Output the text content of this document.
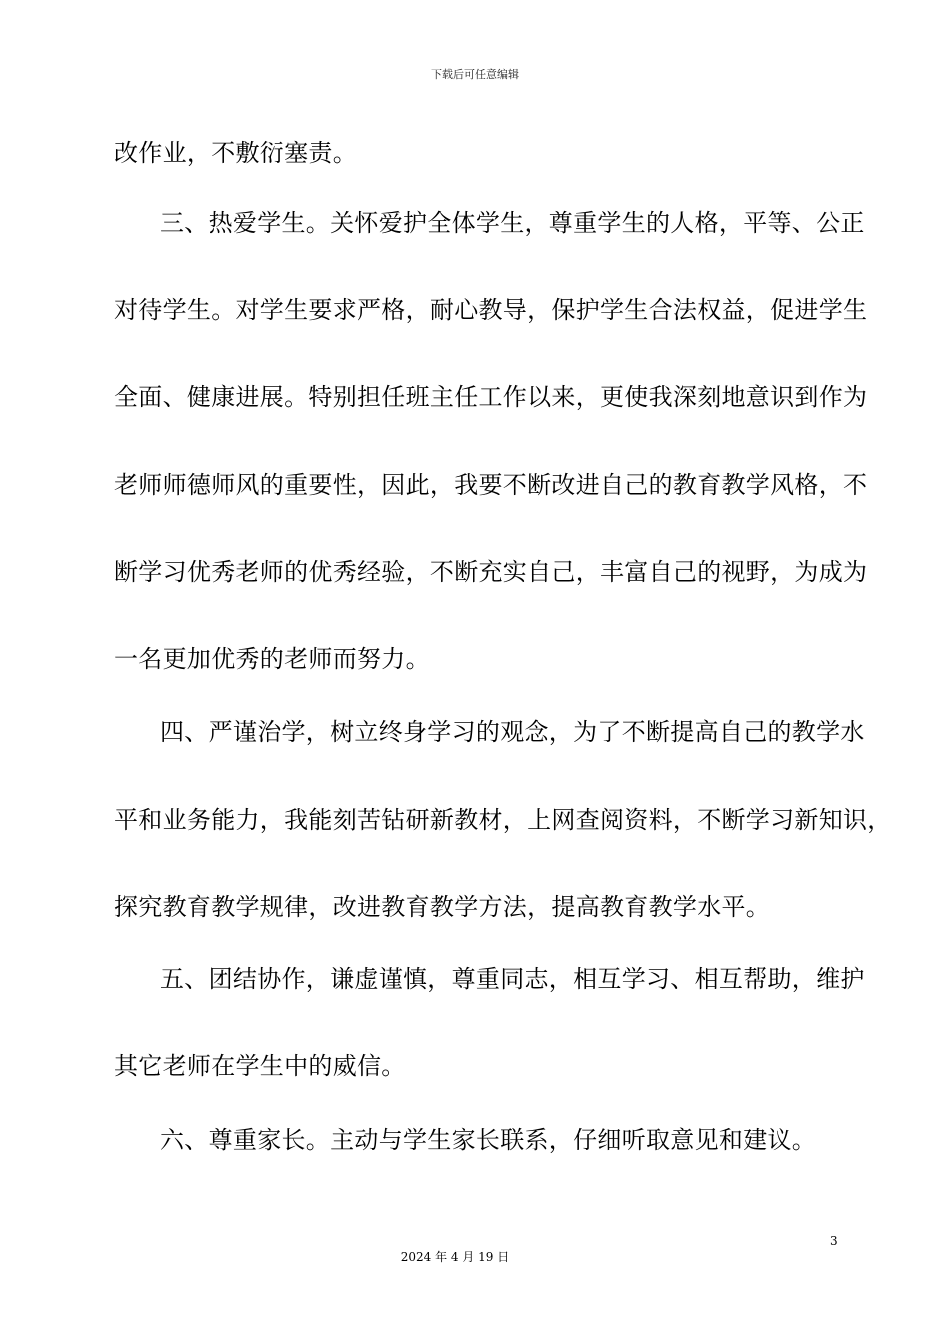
下载后可任意编辑
改作业，不敷衍塞责。
三、热爱学生。关怀爱护全体学生，尊重学生的人格，平等、公正
对待学生。对学生要求严格，耐心教导，保护学生合法权益，促进学生
全面、健康进展。特别担任班主任工作以来，更使我深刻地意识到作为
老师师德师风的重要性，因此，我要不断改进自己的教育教学风格，不
断学习优秀老师的优秀经验，不断充实自己，丰富自己的视野，为成为
一名更加优秀的老师而努力。
四、严谨治学，树立终身学习的观念，为了不断提高自己的教学水
平和业务能力，我能刻苦钻研新教材，上网查阅资料，不断学习新知识，
探究教育教学规律，改进教育教学方法，提高教育教学水平。
五、团结协作，谦虚谨慎，尊重同志，相互学习、相互帮助，维护
其它老师在学生中的威信。
六、尊重家长。主动与学生家长联系，仔细听取意见和建议。
3
2024 年 4 月 19 日
